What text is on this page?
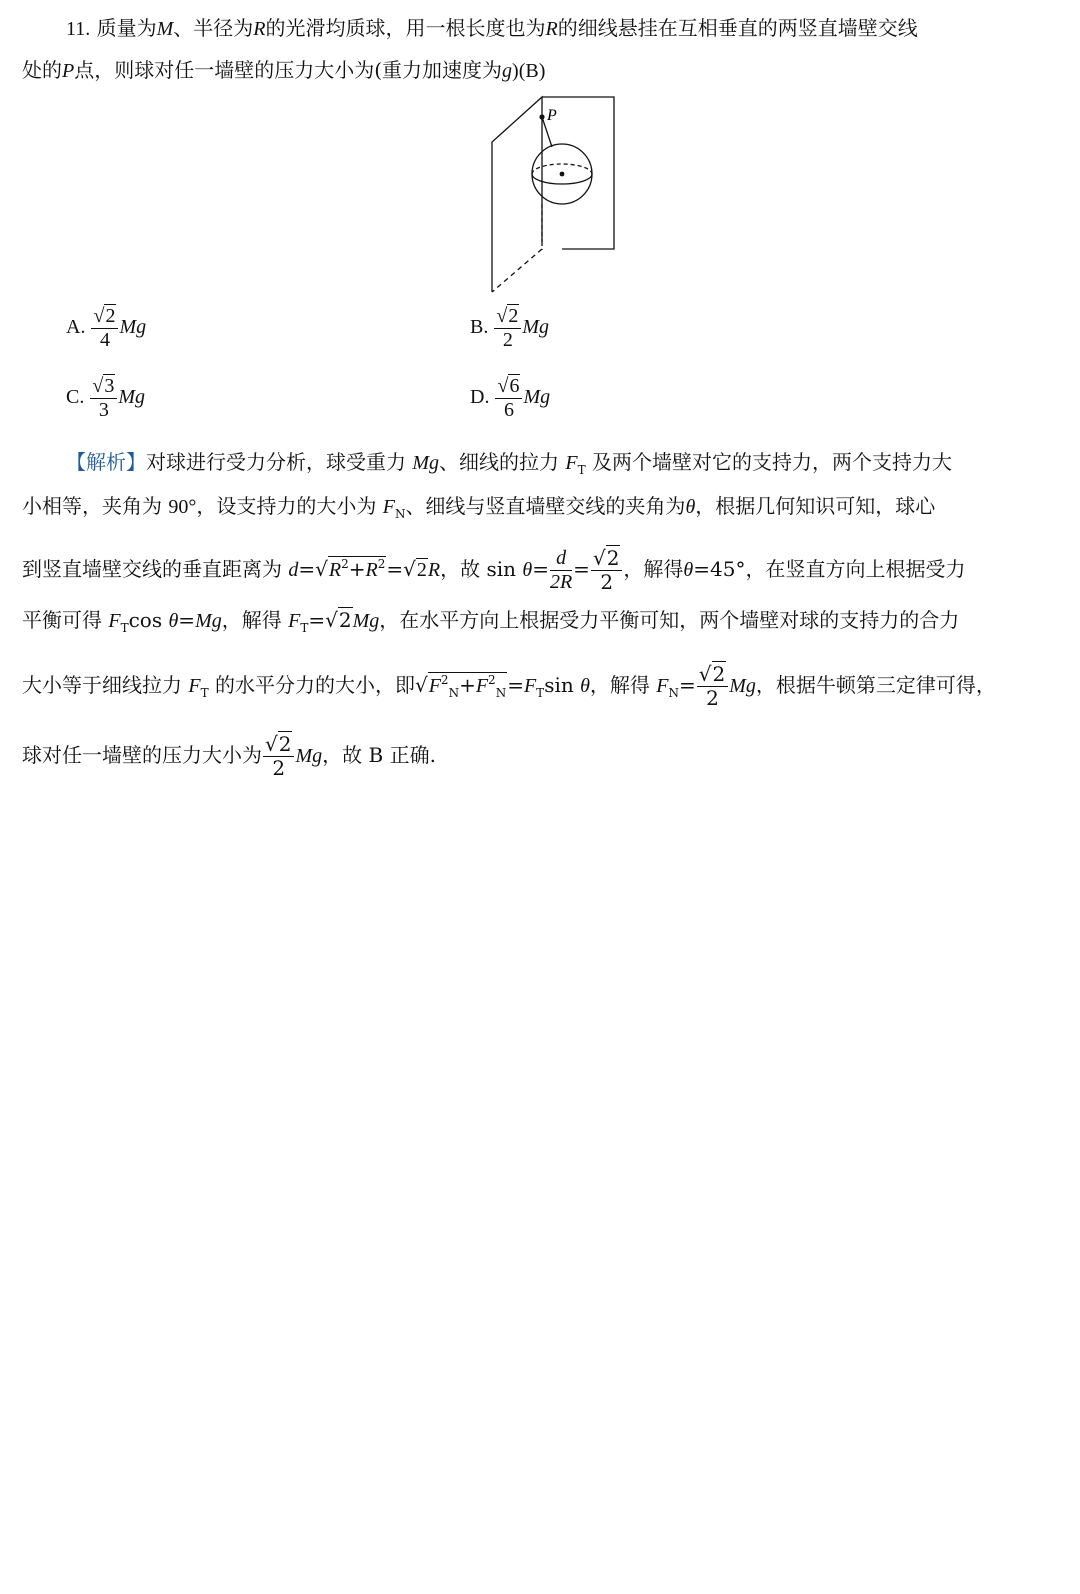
11. 质量为M、半径为R的光滑均质球，用一根长度也为R的细线悬挂在互相垂直的两竖直墙壁交线
处的P点，则球对任一墙壁的压力大小为(重力加速度为g)(B)
P
A. $\frac{√2}{4}$ Mg	B. $\frac{√2}{2}$ Mg
C. $\frac{√3}{3}$ Mg	D. $\frac{√6}{6}$ Mg
【解析】对球进行受力分析，球受重力 Mg、细线的拉力 $F_T$ 及两个墙壁对它的支持力，两个支持力大
小相等，夹角为 90°，设支持力的大小为 $F_N$、细线与竖直墙壁交线的夹角为θ，根据几何知识可知，球心
到竖直墙壁交线的垂直距离为 $d=√R^2+R^2=√2R$，故 $\sin \theta= \frac{d}{2R} = \frac{√2}{2}$ ，解得θ=45°，在竖直方向上根据受力
平衡可得 $F_T\cos$ θ=Mg，解得 $F_T=√2Mg$，在水平方向上根据受力平衡可知，两个墙壁对球的支持力的合力
大小等于细线拉力 $F_T$ 的水平分力的大小，即$√F^2_N+F^2_N=F_T\sin$ θ，解得 $F_N= \frac{√2}{2}$ Mg，根据牛顿第三定律可得，
球对任一墙壁的压力大小为 $\frac{√2}{2}$ Mg，故 B 正确.
